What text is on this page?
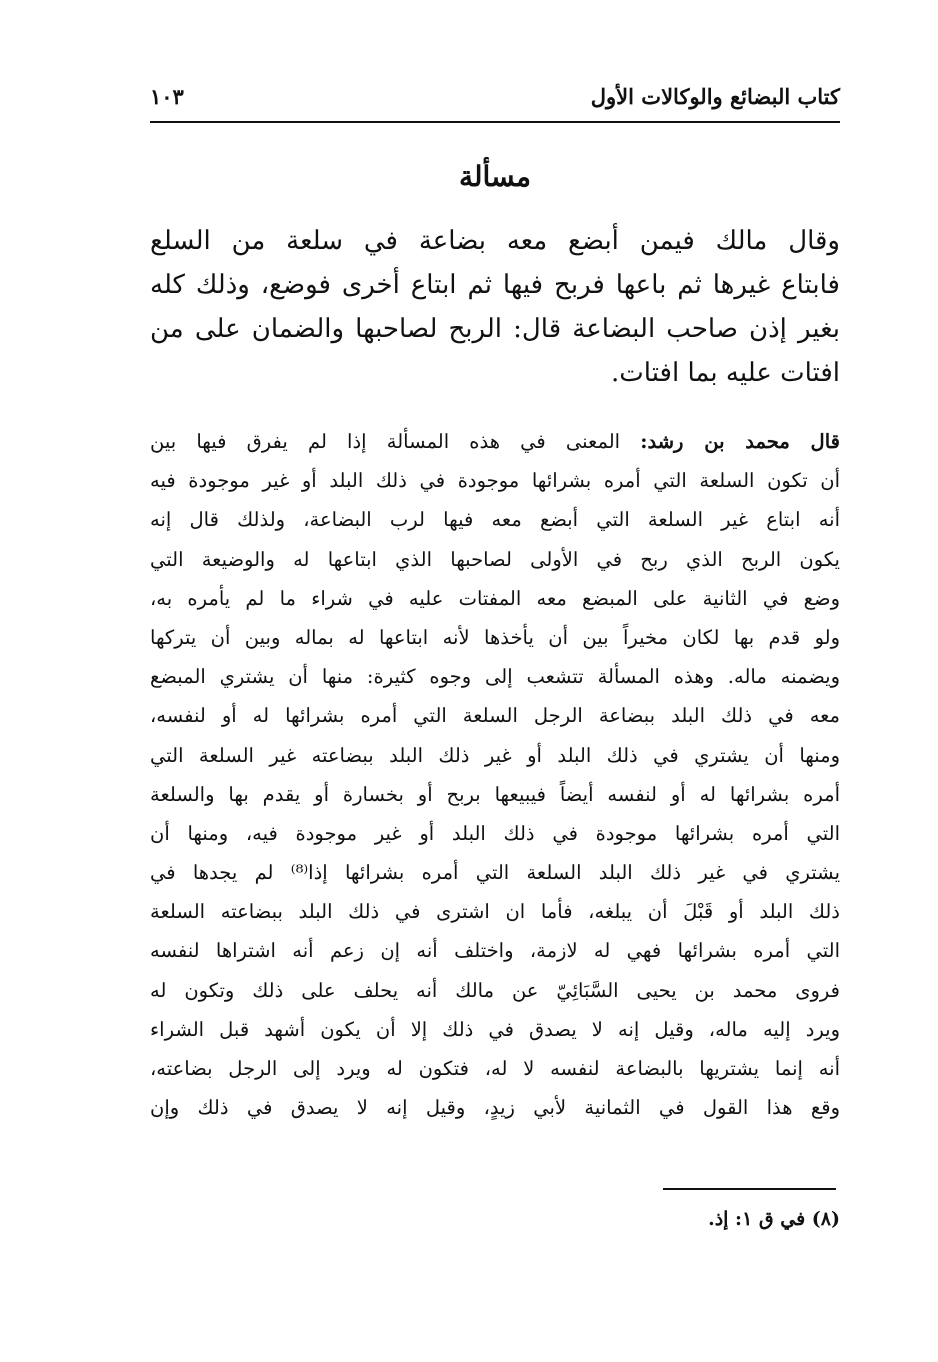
كتاب البضائع والوكالات الأول
١٠٣
مسألة
وقال مالك فيمن أبضع معه بضاعة في سلعة من السلع
فابتاع غيرها ثم باعها فربح فيها ثم ابتاع أخرى فوضع، وذلك كله
بغير إذن صاحب البضاعة قال: الربح لصاحبها والضمان على من
افتات عليه بما افتات.
قال محمد بن رشد: المعنى في هذه المسألة إذا لم يفرق فيها بين
أن تكون السلعة التي أمره بشرائها موجودة في ذلك البلد أو غير موجودة فيه
أنه ابتاع غير السلعة التي أبضع معه فيها لرب البضاعة، ولذلك قال إنه
يكون الربح الذي ربح في الأولى لصاحبها الذي ابتاعها له والوضيعة التي
وضع في الثانية على المبضع معه المفتات عليه في شراء ما لم يأمره به،
ولو قدم بها لكان مخيراً بين أن يأخذها لأنه ابتاعها له بماله وبين أن يتركها
ويضمنه ماله. وهذه المسألة تتشعب إلى وجوه كثيرة: منها أن يشتري المبضع
معه في ذلك البلد ببضاعة الرجل السلعة التي أمره بشرائها له أو لنفسه،
ومنها أن يشتري في ذلك البلد أو غير ذلك البلد ببضاعته غير السلعة التي
أمره بشرائها له أو لنفسه أيضاً فيبيعها بربح أو بخسارة أو يقدم بها والسلعة
التي أمره بشرائها موجودة في ذلك البلد أو غير موجودة فيه، ومنها أن
يشتري في غير ذلك البلد السلعة التي أمره بشرائها إذا⁽⁸⁾ لم يجدها في
ذلك البلد أو قَبْلَ أن يبلغه، فأما ان اشترى في ذلك البلد ببضاعته السلعة
التي أمره بشرائها فهي له لازمة، واختلف أنه إن زعم أنه اشتراها لنفسه
فروى محمد بن يحيى السَّبَائِيّ عن مالك أنه يحلف على ذلك وتكون له
ويرد إليه ماله، وقيل إنه لا يصدق في ذلك إلا أن يكون أشهد قبل الشراء
أنه إنما يشتريها بالبضاعة لنفسه لا له، فتكون له ويرد إلى الرجل بضاعته،
وقع هذا القول في الثمانية لأبي زيدٍ، وقيل إنه لا يصدق في ذلك وإن
(٨) في ق ١: إذ.
